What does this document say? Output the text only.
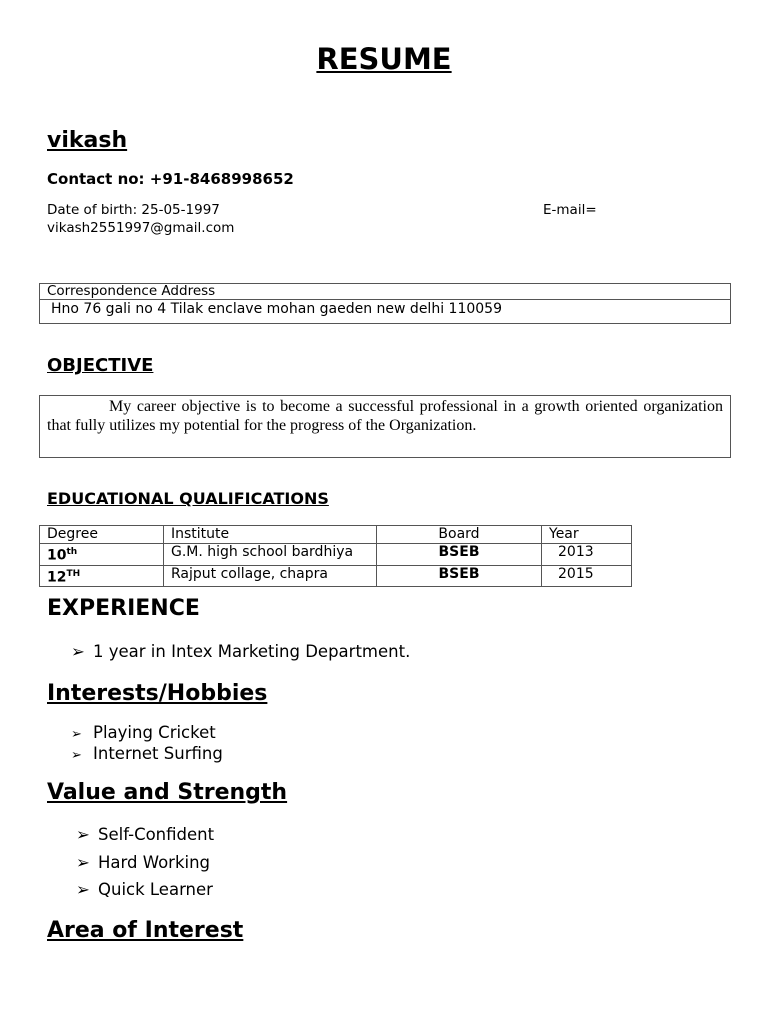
RESUME
vikash
Contact no: +91-8468998652
Date of birth: 25-05-1997	E-mail=
vikash2551997@gmail.com
Correspondence Address
Hno 76 gali no 4 Tilak enclave mohan gaeden new delhi 110059
OBJECTIVE
My career objective is to become a successful professional in a growth oriented organization that fully utilizes my potential for the progress of the Organization.
EDUCATIONAL QUALIFICATIONS
Degree	Institute	Board	Year
10th	G.M. high school bardhiya	BSEB	2013
12TH	Rajput collage, chapra	BSEB	2015
EXPERIENCE
➢ 1 year in Intex Marketing Department.
Interests/Hobbies
➢ Playing Cricket
➢ Internet Surfing
Value and Strength
➢ Self-Confident
➢ Hard Working
➢ Quick Learner
Area of Interest
